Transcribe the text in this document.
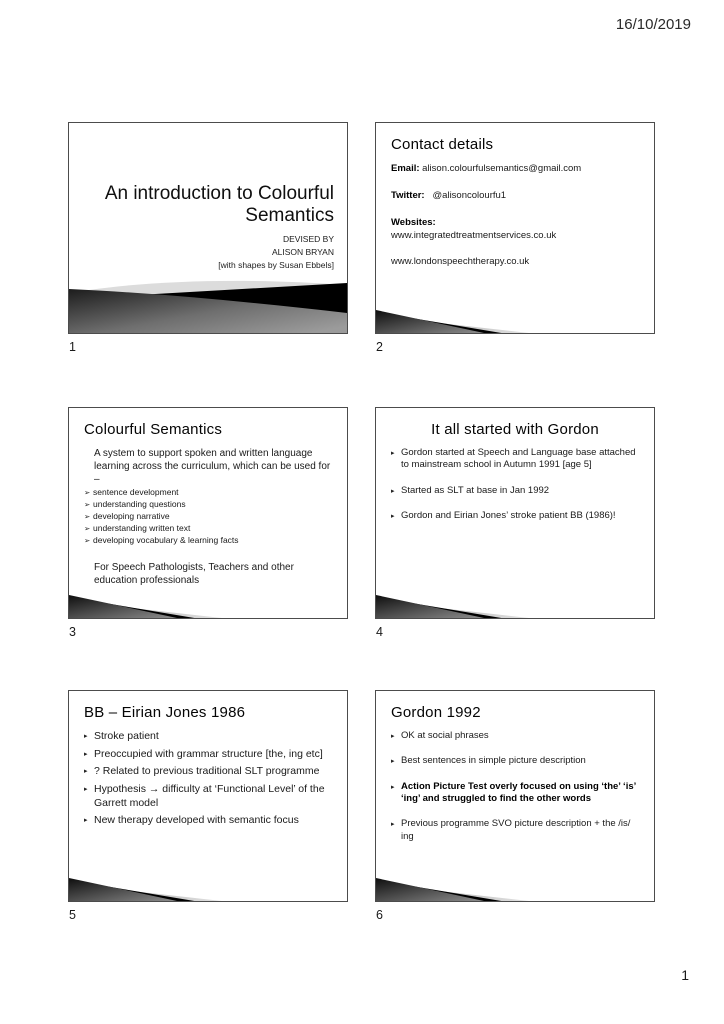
16/10/2019
An introduction to Colourful Semantics
DEVISED BY
ALISON BRYAN
[with shapes by Susan Ebbels]
1
Contact details
Email: alison.colourfulsemantics@gmail.com
Twitter: @alisoncolourfu1
Websites:
www.integratedtreatmentservices.co.uk
www.londonspeechtherapy.co.uk
2
Colourful Semantics

A system to support spoken and written language learning across the curriculum, which can be used for –

➢ sentence development
➢ understanding questions
➢ developing narrative
➢ understanding written text
➢ developing vocabulary & learning facts

For Speech Pathologists, Teachers and other education professionals

3
It all started with Gordon
▸ Gordon started at Speech and Language base attached to mainstream school in Autumn 1991 [age 5]
▸ Started as SLT at base in Jan 1992
▸ Gordon and Eirian Jones’ stroke patient BB (1986)!
4
BB – Eirian Jones 1986
▸ Stroke patient
▸ Preoccupied with grammar structure [the, ing etc]
▸ ? Related to previous traditional SLT programme
▸ Hypothesis → difficulty at ‘Functional Level’ of the Garrett model
▸ New therapy developed with semantic focus
5
Gordon 1992
▸ OK at social phrases
▸ Best sentences in simple picture description
▸ Action Picture Test overly focused on using ‘the’ ‘is’ ‘ing’ and struggled to find the other words
▸ Previous programme SVO picture description + the /is/ ing
6
1
